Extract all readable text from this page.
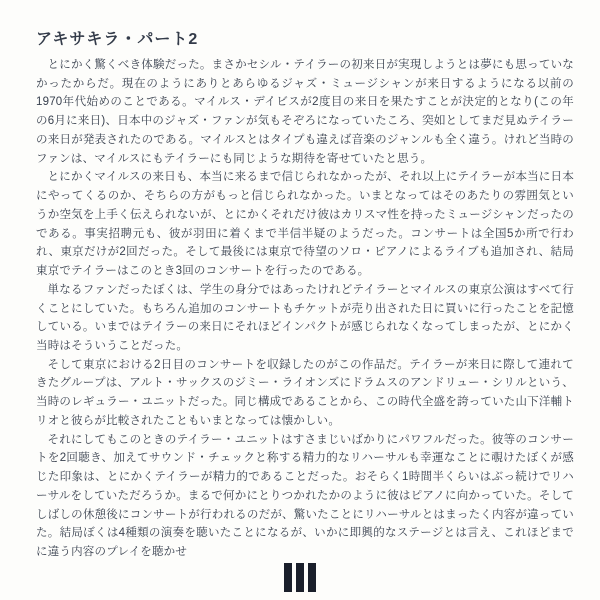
アキサキラ・パート2

とにかく驚くべき体験だった。まさかセシル・テイラーの初来日が実現しようとは夢にも思っていなかったからだ。現在のようにありとあらゆるジャズ・ミュージシャンが来日するようになる以前の1970年代始めのことである。マイルス・デイビスが2度目の来日を果たすことが決定的となり(この年の6月に来日)、日本中のジャズ・ファンが気もそぞろになっていたころ、突如としてまだ見ぬテイラーの来日が発表されたのである。マイルスとはタイプも違えば音楽のジャンルも全く違う。けれど当時のファンは、マイルスにもテイラーにも同じような期待を寄せていたと思う。

とにかくマイルスの来日も、本当に来るまで信じられなかったが、それ以上にテイラーが本当に日本にやってくるのか、そちらの方がもっと信じられなかった。いまとなってはそのあたりの雰囲気というか空気を上手く伝えられないが、とにかくそれだけ彼はカリスマ性を持ったミュージシャンだったのである。事実招聘元も、彼が羽田に着くまで半信半疑のようだった。コンサートは全国5か所で行われ、東京だけが2回だった。そして最後には東京で待望のソロ・ピアノによるライブも追加され、結局東京でテイラーはこのとき3回のコンサートを行ったのである。

単なるファンだったぼくは、学生の身分ではあったけれどテイラーとマイルスの東京公演はすべて行くことにしていた。もちろん追加のコンサートもチケットが売り出された日に買いに行ったことを記憶している。いまではテイラーの来日にそれほどインパクトが感じられなくなってしまったが、とにかく当時はそういうことだった。

そして東京における2日目のコンサートを収録したのがこの作品だ。テイラーが来日に際して連れてきたグループは、アルト・サックスのジミー・ライオンズにドラムスのアンドリュー・シリルという、当時のレギュラー・ユニットだった。同じ構成であることから、この時代全盛を誇っていた山下洋輔トリオと彼らが比較されたこともいまとなっては懐かしい。

それにしてもこのときのテイラー・ユニットはすさまじいばかりにパワフルだった。彼等のコンサートを2回聴き、加えてサウンド・チェックと称する精力的なリハーサルも幸運なことに覗けたぼくが感じた印象は、とにかくテイラーが精力的であることだった。おそらく1時間半くらいはぶっ続けでリハーサルをしていただろうか。まるで何かにとりつかれたかのように彼はピアノに向かっていた。そしてしばしの休憩後にコンサートが行われるのだが、驚いたことにリハーサルとはまったく内容が違っていた。結局ぼくは4種類の演奏を聴いたことになるが、いかに即興的なステージとは言え、これほどまでに違う内容のプレイを聴かせ
